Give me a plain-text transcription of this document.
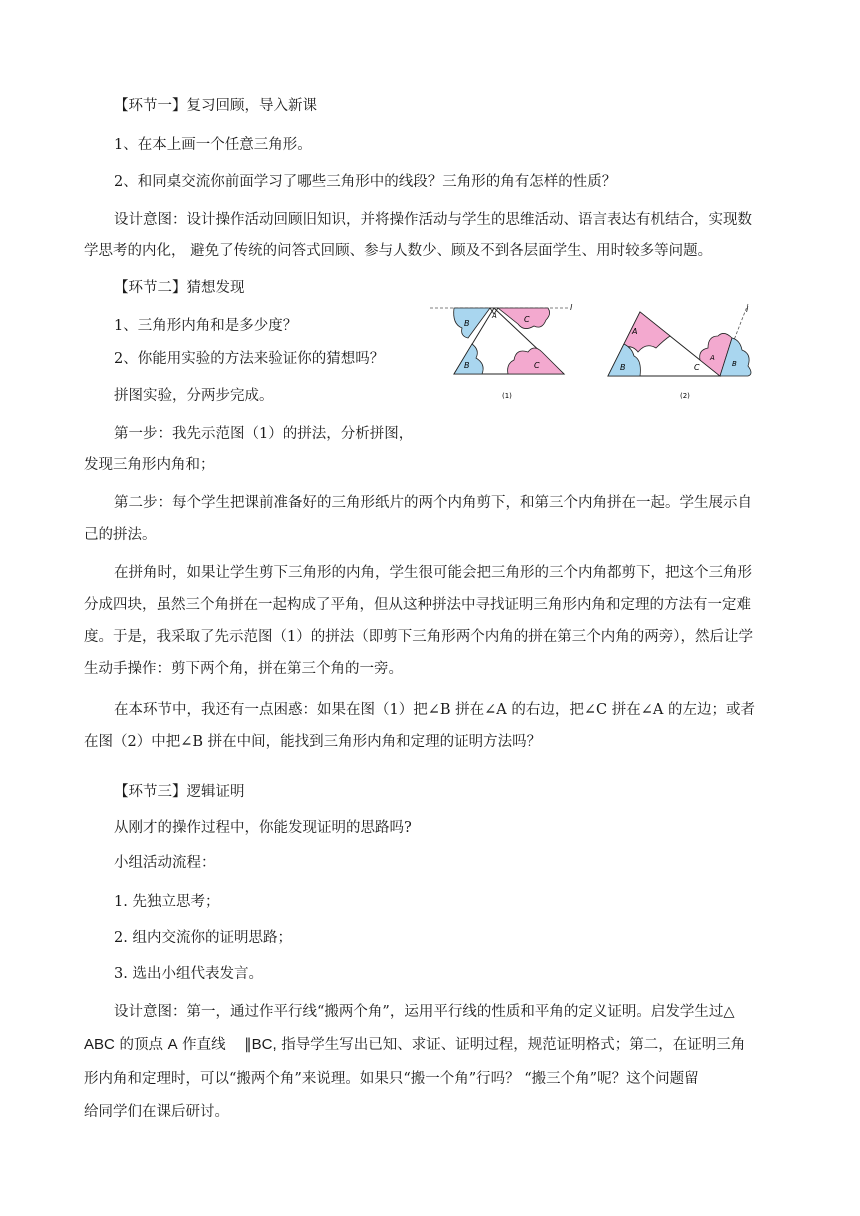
【环节一】复习回顾，导入新课
1、在本上画一个任意三角形。
2、和同桌交流你前面学习了哪些三角形中的线段？三角形的角有怎样的性质？
设计意图：设计操作活动回顾旧知识，并将操作活动与学生的思维活动、语言表达有机结合，实现数
学思考的内化， 避免了传统的问答式回顾、参与人数少、顾及不到各层面学生、用时较多等问题。
【环节二】猜想发现
1、三角形内角和是多少度？
2、你能用实验的方法来验证你的猜想吗？
拼图实验，分两步完成。
第一步：我先示范图（1）的拼法，分析拼图，
发现三角形内角和；
第二步：每个学生把课前准备好的三角形纸片的两个内角剪下，和第三个内角拼在一起。学生展示自
己的拼法。
在拼角时，如果让学生剪下三角形的内角，学生很可能会把三角形的三个内角都剪下，把这个三角形
分成四块，虽然三个角拼在一起构成了平角，但从这种拼法中寻找证明三角形内角和定理的方法有一定难
度。于是，我采取了先示范图（1）的拼法（即剪下三角形两个内角的拼在第三个内角的两旁），然后让学
生动手操作：剪下两个角，拼在第三个角的一旁。
在本环节中，我还有一点困惑：如果在图（1）把∠B 拼在∠A 的右边，把∠C 拼在∠A 的左边；或者
在图（2）中把∠B 拼在中间，能找到三角形内角和定理的证明方法吗？
A
B	C
B	C
l
(1)
A
B	C
A
B
l
(2)
【环节三】逻辑证明
从刚才的操作过程中，你能发现证明的思路吗?
小组活动流程：
1. 先独立思考；
2. 组内交流你的证明思路；
3. 选出小组代表发言。
设计意图：第一，通过作平行线“搬两个角”，运用平行线的性质和平角的定义证明。启发学生过△
ABC 的顶点 A 作直线    ∥BC, 指导学生写出已知、求证、证明过程，规范证明格式；第二，在证明三角
形内角和定理时，可以“搬两个角”来说理。如果只“搬一个角”行吗？ “搬三个角”呢？这个问题留
给同学们在课后研讨。
